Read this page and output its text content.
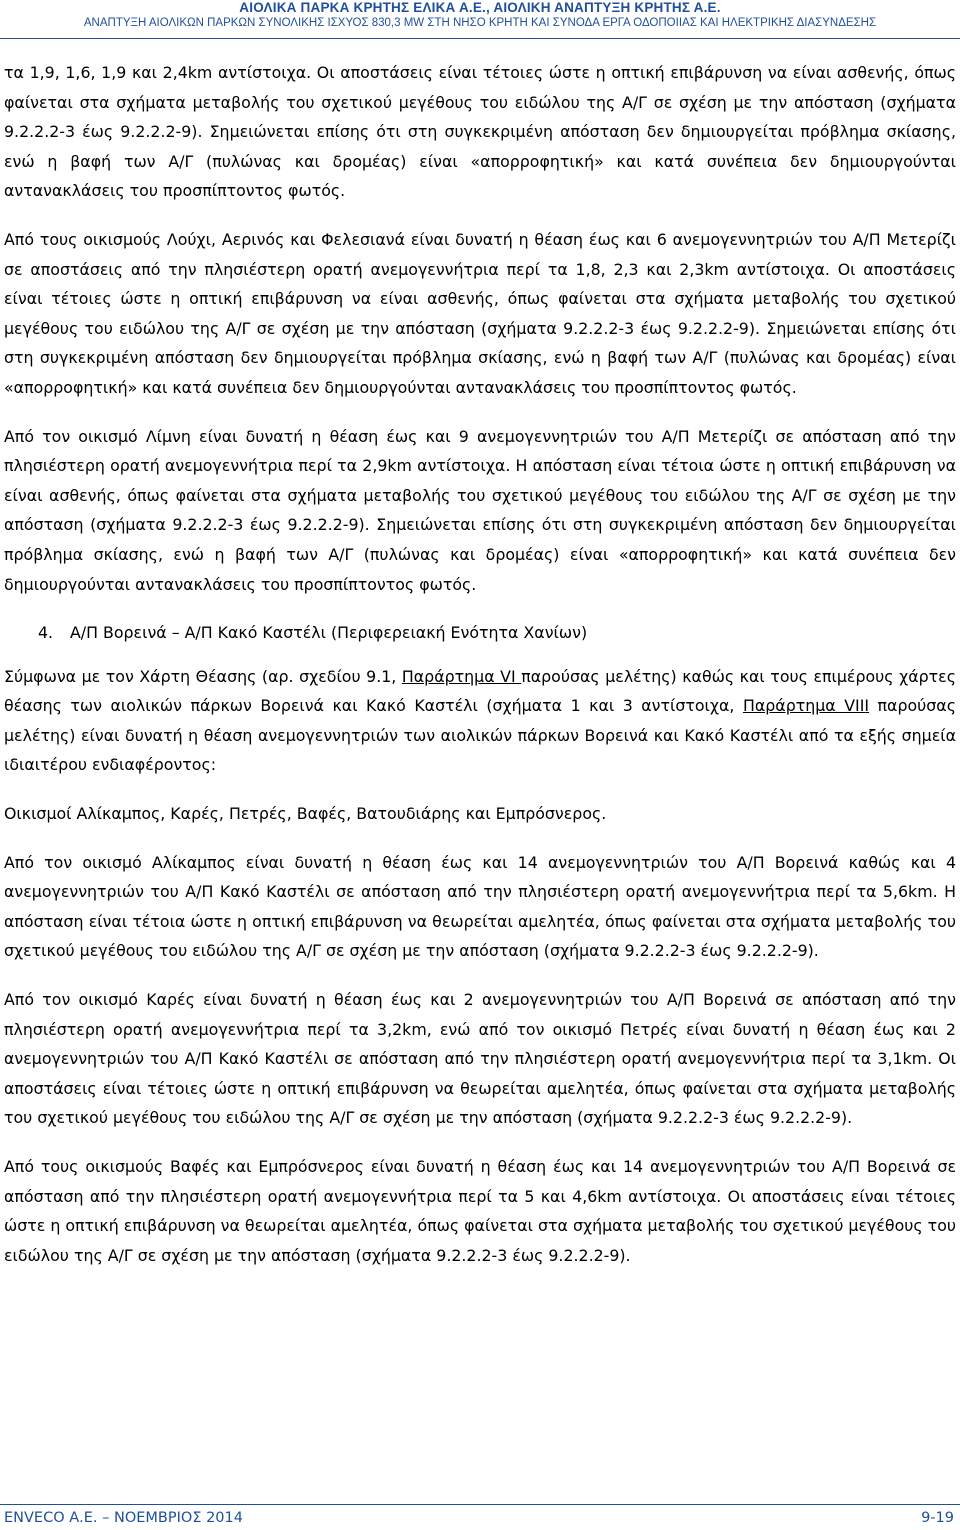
ΑΙΟΛΙΚΑ ΠΑΡΚΑ ΚΡΗΤΗΣ ΕΛΙΚΑ Α.Ε., ΑΙΟΛΙΚΗ ΑΝΑΠΤΥΞΗ ΚΡΗΤΗΣ Α.Ε.
ΑΝΑΠΤΥΞΗ ΑΙΟΛΙΚΩΝ ΠΑΡΚΩΝ ΣΥΝΟΛΙΚΗΣ ΙΣΧΥΟΣ 830,3 MW ΣΤΗ ΝΗΣΟ ΚΡΗΤΗ ΚΑΙ ΣΥΝΟΔΑ ΕΡΓΑ ΟΔΟΠΟΙΙΑΣ ΚΑΙ ΗΛΕΚΤΡΙΚΗΣ ΔΙΑΣΥΝΔΕΣΗΣ

τα 1,9, 1,6, 1,9 και 2,4km αντίστοιχα. Οι αποστάσεις είναι τέτοιες ώστε η οπτική επιβάρυνση να είναι ασθενής, όπως φαίνεται στα σχήματα μεταβολής του σχετικού μεγέθους του ειδώλου της Α/Γ σε σχέση με την απόσταση (σχήματα 9.2.2.2-3 έως 9.2.2.2-9). Σημειώνεται επίσης ότι στη συγκεκριμένη απόσταση δεν δημιουργείται πρόβλημα σκίασης, ενώ η βαφή των Α/Γ (πυλώνας και δρομέας) είναι «απορροφητική» και κατά συνέπεια δεν δημιουργούνται αντανακλάσεις του προσπίπτοντος φωτός.

Από τους οικισμούς Λούχι, Αερινός και Φελεσιανά είναι δυνατή η θέαση έως και 6 ανεμογεννητριών του Α/Π Μετερίζι σε αποστάσεις από την πλησιέστερη ορατή ανεμογεννήτρια περί τα 1,8, 2,3 και 2,3km αντίστοιχα. Οι αποστάσεις είναι τέτοιες ώστε η οπτική επιβάρυνση να είναι ασθενής, όπως φαίνεται στα σχήματα μεταβολής του σχετικού μεγέθους του ειδώλου της Α/Γ σε σχέση με την απόσταση (σχήματα 9.2.2.2-3 έως 9.2.2.2-9). Σημειώνεται επίσης ότι στη συγκεκριμένη απόσταση δεν δημιουργείται πρόβλημα σκίασης, ενώ η βαφή των Α/Γ (πυλώνας και δρομέας) είναι «απορροφητική» και κατά συνέπεια δεν δημιουργούνται αντανακλάσεις του προσπίπτοντος φωτός.

Από τον οικισμό Λίμνη είναι δυνατή η θέαση έως και 9 ανεμογεννητριών του Α/Π Μετερίζι σε απόσταση από την πλησιέστερη ορατή ανεμογεννήτρια περί τα 2,9km αντίστοιχα. Η απόσταση είναι τέτοια ώστε η οπτική επιβάρυνση να είναι ασθενής, όπως φαίνεται στα σχήματα μεταβολής του σχετικού μεγέθους του ειδώλου της Α/Γ σε σχέση με την απόσταση (σχήματα 9.2.2.2-3 έως 9.2.2.2-9). Σημειώνεται επίσης ότι στη συγκεκριμένη απόσταση δεν δημιουργείται πρόβλημα σκίασης, ενώ η βαφή των Α/Γ (πυλώνας και δρομέας) είναι «απορροφητική» και κατά συνέπεια δεν δημιουργούνται αντανακλάσεις του προσπίπτοντος φωτός.

4. Α/Π Βορεινά – Α/Π Κακό Καστέλι (Περιφερειακή Ενότητα Χανίων)

Σύμφωνα με τον Χάρτη Θέασης (αρ. σχεδίου 9.1, Παράρτημα VI παρούσας μελέτης) καθώς και τους επιμέρους χάρτες θέασης των αιολικών πάρκων Βορεινά και Κακό Καστέλι (σχήματα 1 και 3 αντίστοιχα, Παράρτημα VIII παρούσας μελέτης) είναι δυνατή η θέαση ανεμογεννητριών των αιολικών πάρκων Βορεινά και Κακό Καστέλι από τα εξής σημεία ιδιαιτέρου ενδιαφέροντος:

Οικισμοί Αλίκαμπος, Καρές, Πετρές, Βαφές, Βατουδιάρης και Εμπρόσνερος.

Από τον οικισμό Αλίκαμπος είναι δυνατή η θέαση έως και 14 ανεμογεννητριών του Α/Π Βορεινά καθώς και 4 ανεμογεννητριών του Α/Π Κακό Καστέλι σε απόσταση από την πλησιέστερη ορατή ανεμογεννήτρια περί τα 5,6km. Η απόσταση είναι τέτοια ώστε η οπτική επιβάρυνση να θεωρείται αμελητέα, όπως φαίνεται στα σχήματα μεταβολής του σχετικού μεγέθους του ειδώλου της Α/Γ σε σχέση με την απόσταση (σχήματα 9.2.2.2-3 έως 9.2.2.2-9).

Από τον οικισμό Καρές είναι δυνατή η θέαση έως και 2 ανεμογεννητριών του Α/Π Βορεινά σε απόσταση από την πλησιέστερη ορατή ανεμογεννήτρια περί τα 3,2km, ενώ από τον οικισμό Πετρές είναι δυνατή η θέαση έως και 2 ανεμογεννητριών του Α/Π Κακό Καστέλι σε απόσταση από την πλησιέστερη ορατή ανεμογεννήτρια περί τα 3,1km. Οι αποστάσεις είναι τέτοιες ώστε η οπτική επιβάρυνση να θεωρείται αμελητέα, όπως φαίνεται στα σχήματα μεταβολής του σχετικού μεγέθους του ειδώλου της Α/Γ σε σχέση με την απόσταση (σχήματα 9.2.2.2-3 έως 9.2.2.2-9).

Από τους οικισμούς Βαφές και Εμπρόσνερος είναι δυνατή η θέαση έως και 14 ανεμογεννητριών του Α/Π Βορεινά σε απόσταση από την πλησιέστερη ορατή ανεμογεννήτρια περί τα 5 και 4,6km αντίστοιχα. Οι αποστάσεις είναι τέτοιες ώστε η οπτική επιβάρυνση να θεωρείται αμελητέα, όπως φαίνεται στα σχήματα μεταβολής του σχετικού μεγέθους του ειδώλου της Α/Γ σε σχέση με την απόσταση (σχήματα 9.2.2.2-3 έως 9.2.2.2-9).

ENVECO Α.Ε. – ΝΟΕΜΒΡΙΟΣ 2014	9-19
